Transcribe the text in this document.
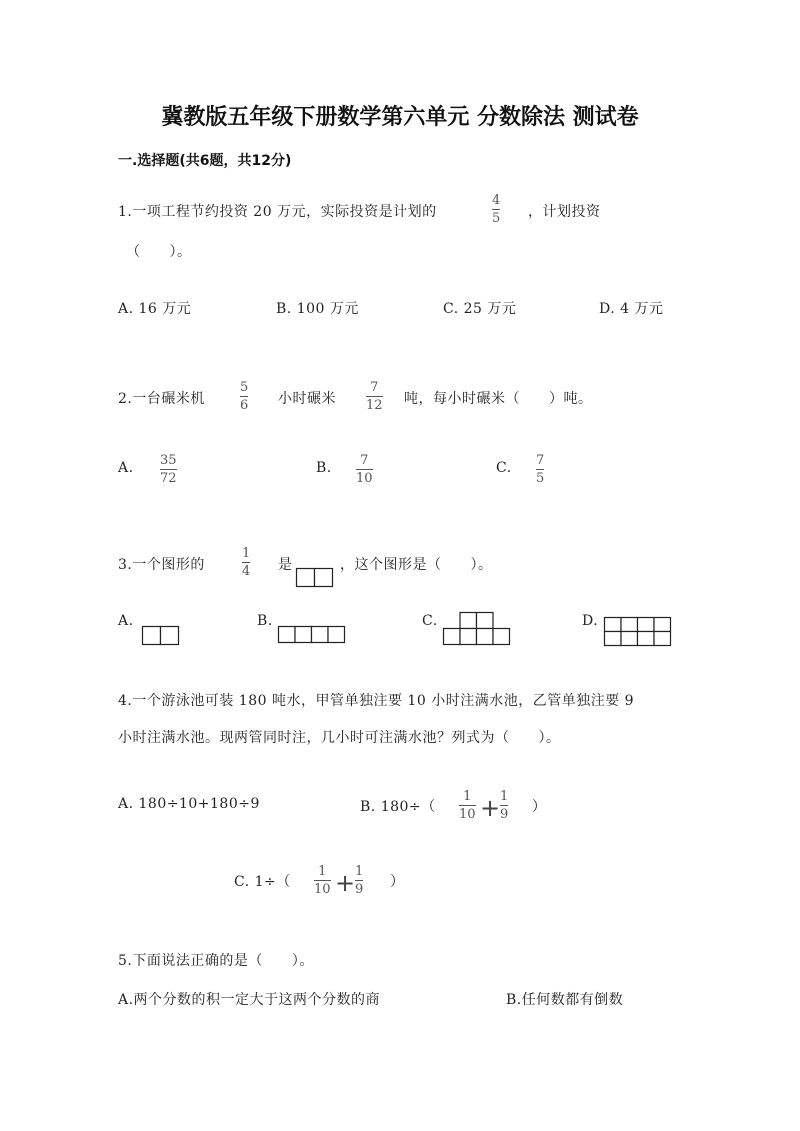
冀教版五年级下册数学第六单元 分数除法 测试卷
一.选择题(共6题，共12分)
1.一项工程节约投资 20 万元，实际投资是计划的
4
5 ，计划投资
（　　）。
A. 16 万元	B. 100 万元	C. 25 万元	D. 4 万元
2.一台碾米机
5
6 小时碾米
7
12 吨，每小时碾米（　　）吨。
A. 35
72
B. 7
10
C. 7
5
3.一个图形的
1
4 是	，这个图形是（　　）。
A.	B.	C.	D.
4.一个游泳池可装 180 吨水，甲管单独注要 10 小时注满水池，乙管单独注要 9
小时注满水池。现两管同时注，几小时可注满水池？列式为（　　）。
A. 180÷10+180÷9	B. 180÷（
1
10 + 1
9 ）
C. 1÷（
1
10 + 1
9 ）
5.下面说法正确的是（　　）。
A.两个分数的积一定大于这两个分数的商	B.任何数都有倒数
